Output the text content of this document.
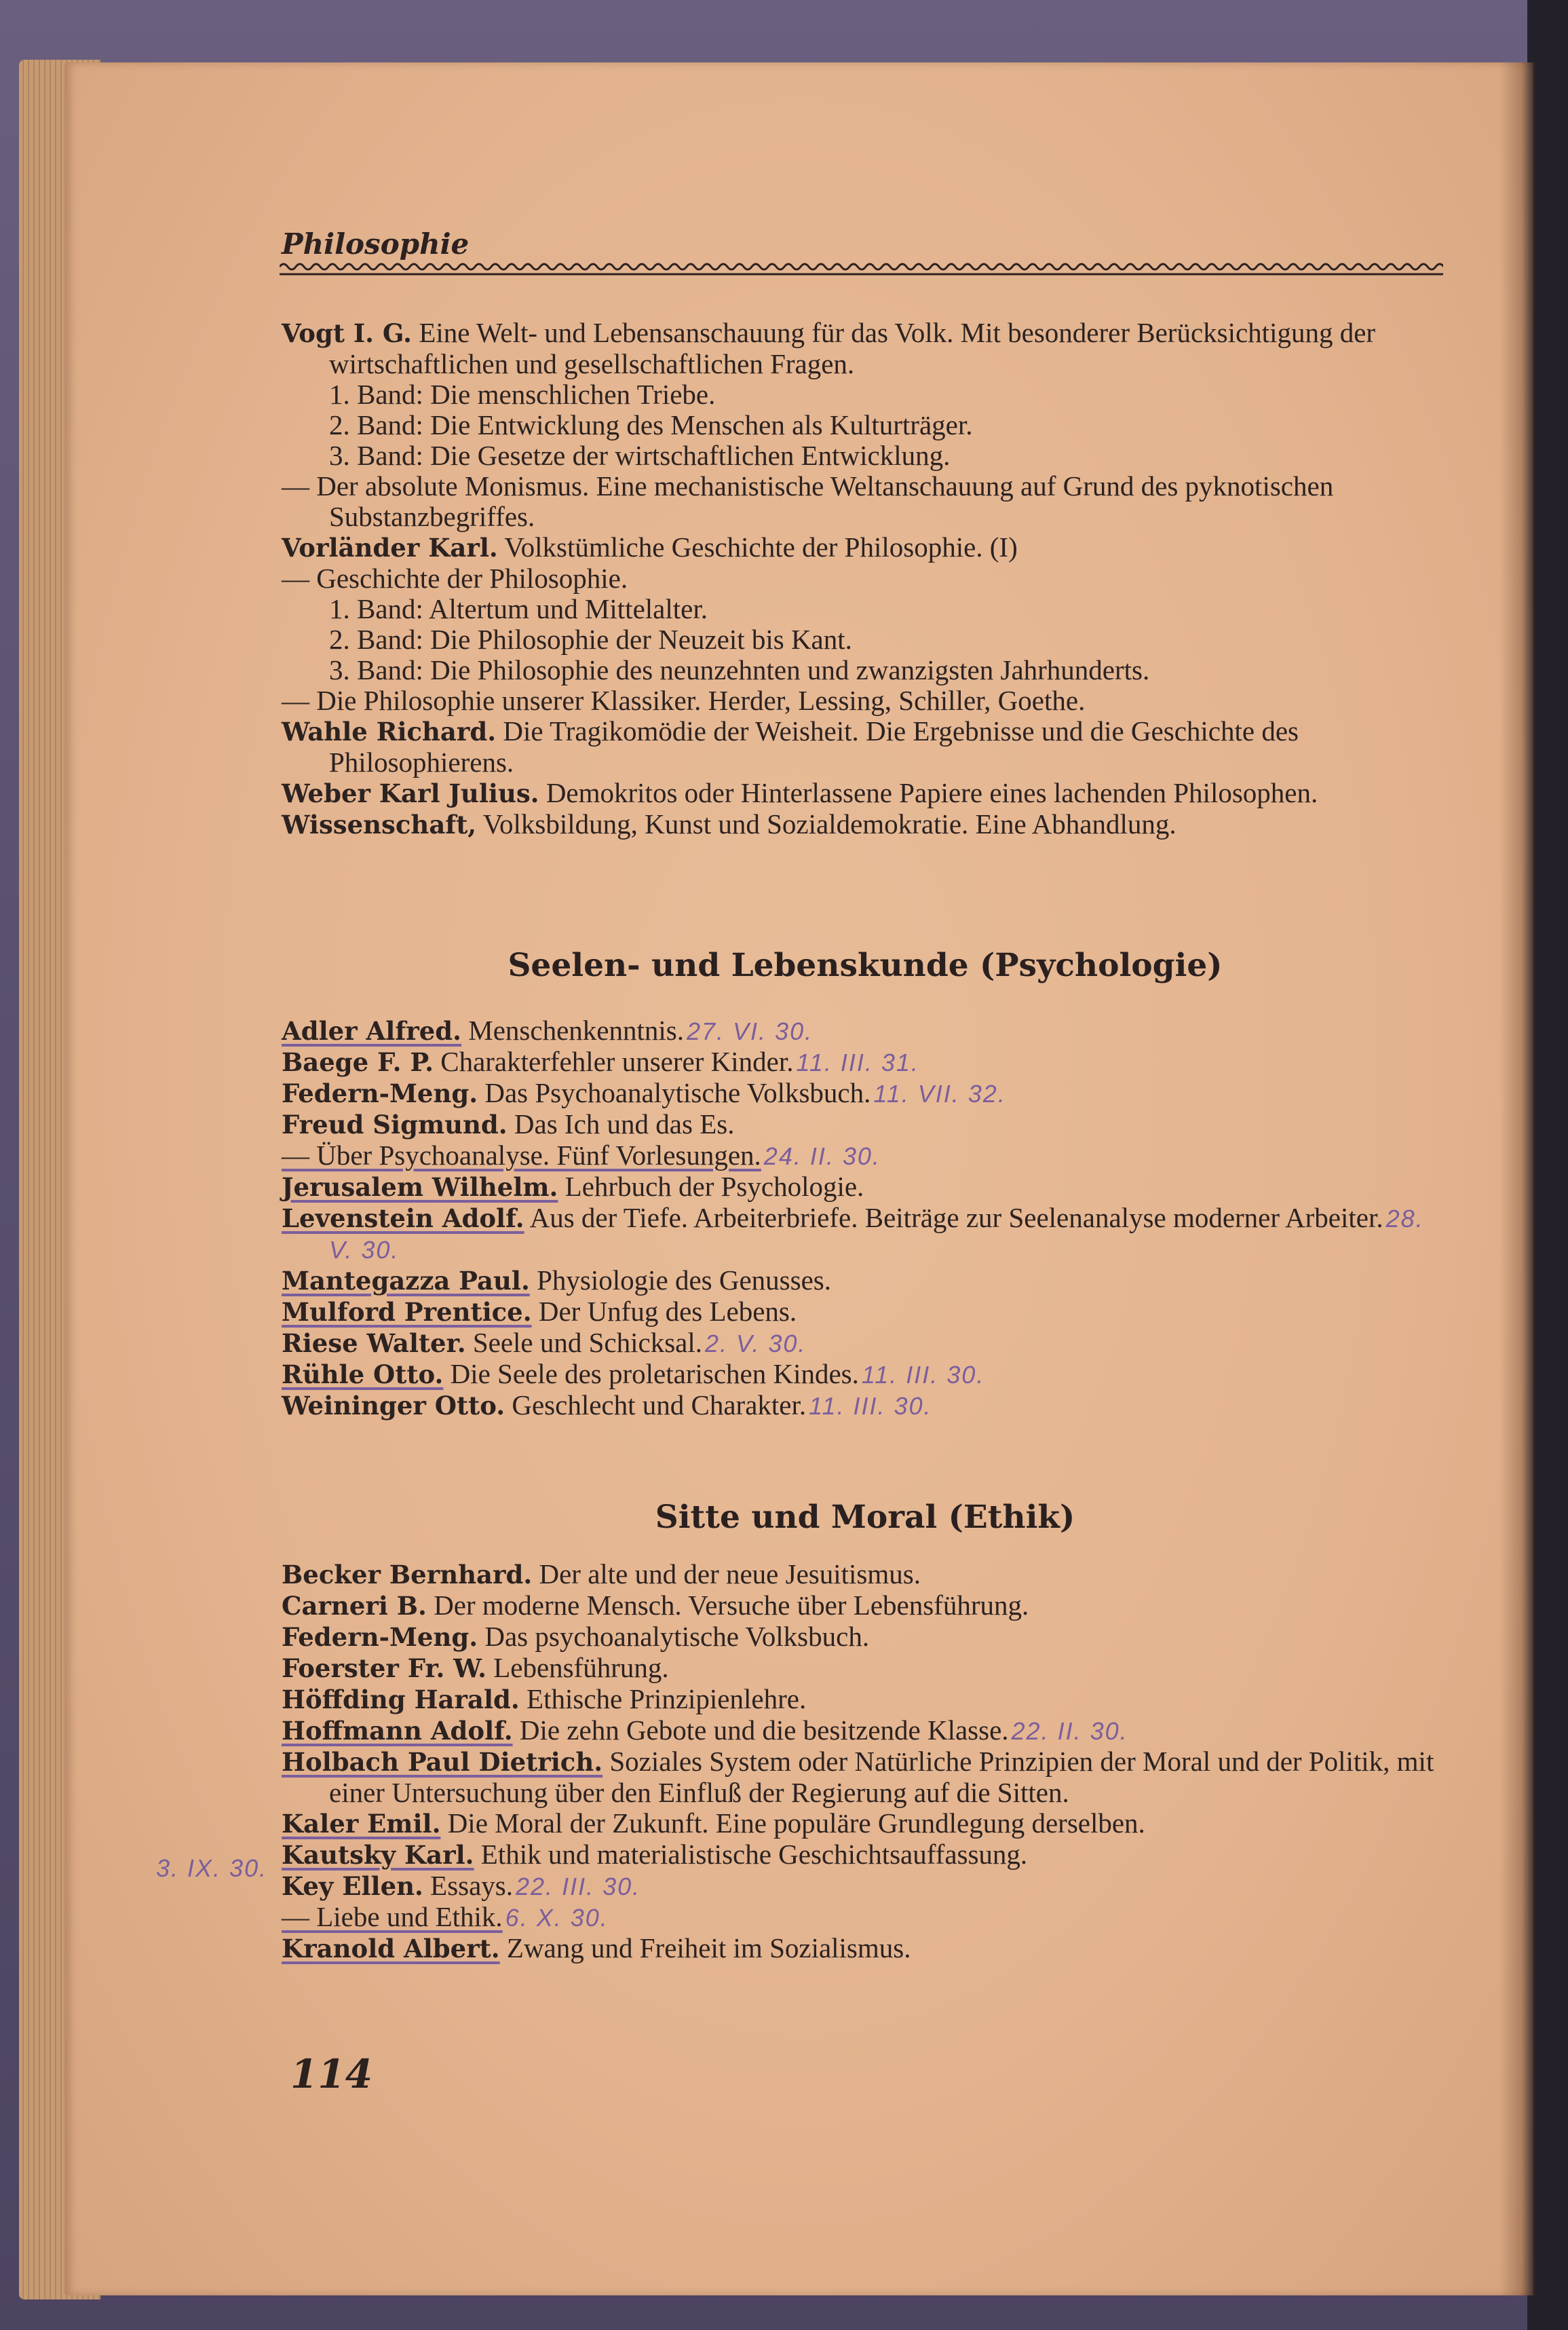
Philosophie

Vogt I. G. Eine Welt- und Lebensanschauung für das Volk. Mit besonderer Berücksichtigung der wirtschaftlichen und gesellschaftlichen Fragen.

1. Band: Die menschlichen Triebe.

2. Band: Die Entwicklung des Menschen als Kulturträger.

3. Band: Die Gesetze der wirtschaftlichen Entwicklung.

— Der absolute Monismus. Eine mechanistische Weltanschauung auf Grund des pyknotischen Substanzbegriffes.

Vorländer Karl. Volkstümliche Geschichte der Philosophie. (I)

— Geschichte der Philosophie.

1. Band: Altertum und Mittelalter.

2. Band: Die Philosophie der Neuzeit bis Kant.

3. Band: Die Philosophie des neunzehnten und zwanzigsten Jahrhunderts.

— Die Philosophie unserer Klassiker. Herder, Lessing, Schiller, Goethe.

Wahle Richard. Die Tragikomödie der Weisheit. Die Ergebnisse und die Geschichte des Philosophierens.

Weber Karl Julius. Demokritos oder Hinterlassene Papiere eines lachenden Philosophen.

Wissenschaft, Volksbildung, Kunst und Sozialdemokratie. Eine Abhandlung.

Seelen- und Lebenskunde (Psychologie)

Adler Alfred. Menschenkenntnis. 27. VI. 30.

Baege F. P. Charakterfehler unserer Kinder. 11. III. 31.

Federn-Meng. Das Psychoanalytische Volksbuch. 11. VII. 32.

Freud Sigmund. Das Ich und das Es.

— Über Psychoanalyse. Fünf Vorlesungen. 24. II. 30.

Jerusalem Wilhelm. Lehrbuch der Psychologie.

Levenstein Adolf. Aus der Tiefe. Arbeiterbriefe. Beiträge zur Seelenanalyse moderner Arbeiter. 28. V. 30.

Mantegazza Paul. Physiologie des Genusses.

Mulford Prentice. Der Unfug des Lebens.

Riese Walter. Seele und Schicksal. 2. V. 30.

Rühle Otto. Die Seele des proletarischen Kindes. 11. III. 30.

Weininger Otto. Geschlecht und Charakter. 11. III. 30.

Sitte und Moral (Ethik)
3. IX. 30.

Becker Bernhard. Der alte und der neue Jesuitismus.

Carneri B. Der moderne Mensch. Versuche über Lebensführung.

Federn-Meng. Das psychoanalytische Volksbuch.

Foerster Fr. W. Lebensführung.

Höffding Harald. Ethische Prinzipienlehre.

Hoffmann Adolf. Die zehn Gebote und die besitzende Klasse. 22. II. 30.

Holbach Paul Dietrich. Soziales System oder Natürliche Prinzipien der Moral und der Politik, mit einer Untersuchung über den Einfluß der Regierung auf die Sitten.

Kaler Emil. Die Moral der Zukunft. Eine populäre Grundlegung derselben.

Kautsky Karl. Ethik und materialistische Geschichtsauffassung.

Key Ellen. Essays. 22. III. 30.

— Liebe und Ethik. 6. X. 30.

Kranold Albert. Zwang und Freiheit im Sozialismus.

114
